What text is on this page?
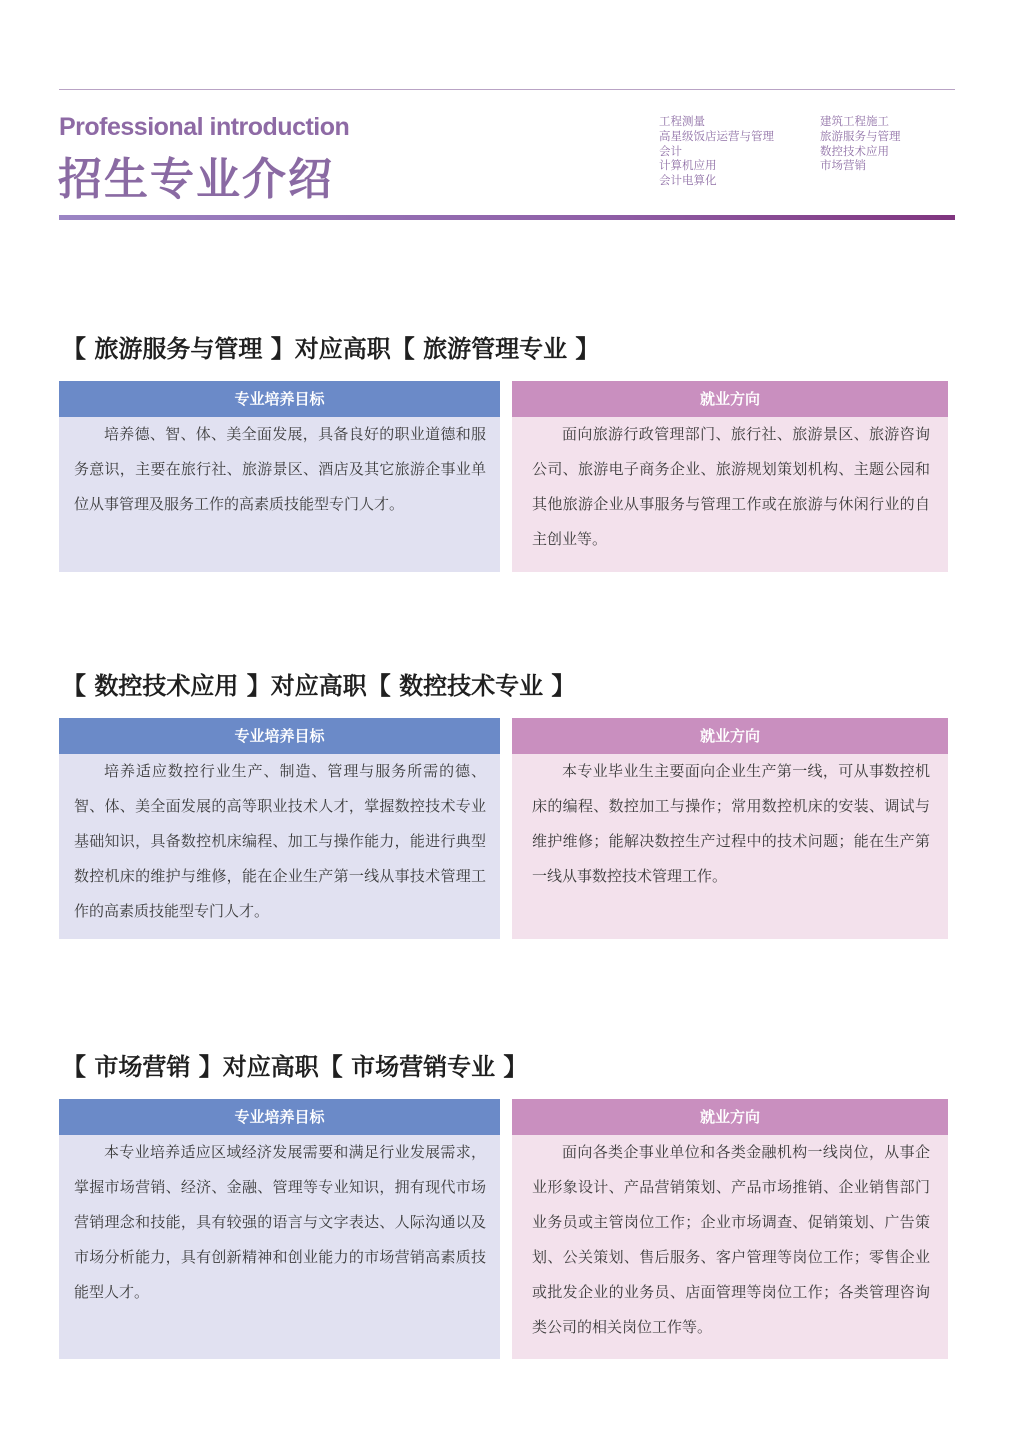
Professional introduction
招生专业介绍
工程测量
高星级饭店运营与管理
会计
计算机应用
会计电算化
建筑工程施工
旅游服务与管理
数控技术应用
市场营销
【 旅游服务与管理 】对应高职【 旅游管理专业 】
专业培养目标
培养德、智、体、美全面发展，具备良好的职业道德和服务意识，主要在旅行社、旅游景区、酒店及其它旅游企事业单位从事管理及服务工作的高素质技能型专门人才。
就业方向
面向旅游行政管理部门、旅行社、旅游景区、旅游咨询公司、旅游电子商务企业、旅游规划策划机构、主题公园和其他旅游企业从事服务与管理工作或在旅游与休闲行业的自主创业等。
【 数控技术应用 】对应高职【 数控技术专业 】
专业培养目标
培养适应数控行业生产、制造、管理与服务所需的德、智、体、美全面发展的高等职业技术人才，掌握数控技术专业基础知识，具备数控机床编程、加工与操作能力，能进行典型数控机床的维护与维修，能在企业生产第一线从事技术管理工作的高素质技能型专门人才。
就业方向
本专业毕业生主要面向企业生产第一线，可从事数控机床的编程、数控加工与操作；常用数控机床的安装、调试与维护维修；能解决数控生产过程中的技术问题；能在生产第一线从事数控技术管理工作。
【 市场营销 】对应高职【 市场营销专业 】
专业培养目标
本专业培养适应区域经济发展需要和满足行业发展需求，掌握市场营销、经济、金融、管理等专业知识，拥有现代市场营销理念和技能，具有较强的语言与文字表达、人际沟通以及市场分析能力，具有创新精神和创业能力的市场营销高素质技能型人才。
就业方向
面向各类企事业单位和各类金融机构一线岗位，从事企业形象设计、产品营销策划、产品市场推销、企业销售部门业务员或主管岗位工作；企业市场调查、促销策划、广告策划、公关策划、售后服务、客户管理等岗位工作；零售企业或批发企业的业务员、店面管理等岗位工作；各类管理咨询类公司的相关岗位工作等。
